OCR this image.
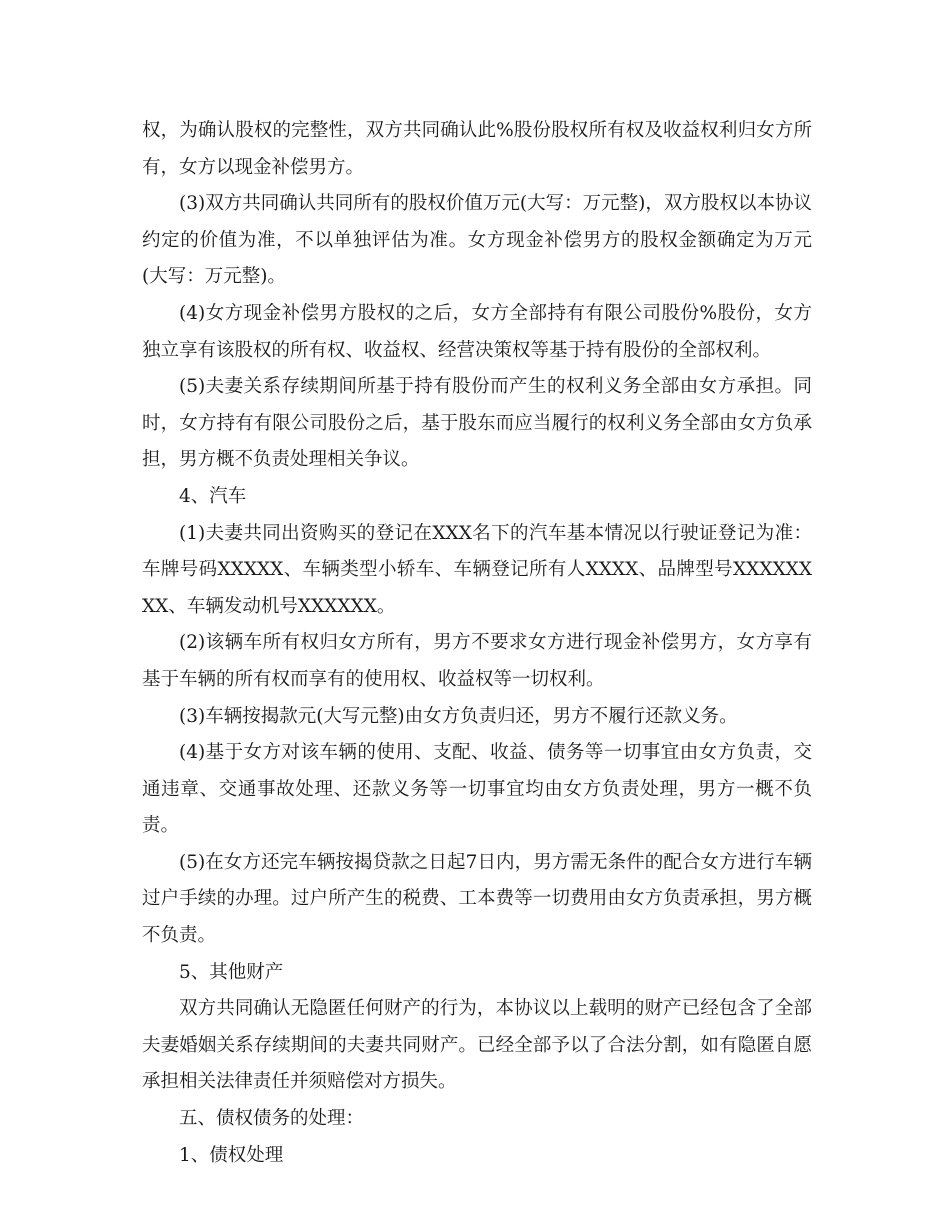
权，为确认股权的完整性，双方共同确认此%股份股权所有权及收益权利归女方所有，女方以现金补偿男方。

(3)双方共同确认共同所有的股权价值万元(大写：万元整)，双方股权以本协议约定的价值为准，不以单独评估为准。女方现金补偿男方的股权金额确定为万元(大写：万元整)。

(4)女方现金补偿男方股权的之后，女方全部持有有限公司股份%股份，女方独立享有该股权的所有权、收益权、经营决策权等基于持有股份的全部权利。

(5)夫妻关系存续期间所基于持有股份而产生的权利义务全部由女方承担。同时，女方持有有限公司股份之后，基于股东而应当履行的权利义务全部由女方负承担，男方概不负责处理相关争议。

4、汽车

(1)夫妻共同出资购买的登记在XXX名下的汽车基本情况以行驶证登记为准：车牌号码XXXXX、车辆类型小轿车、车辆登记所有人XXXX、品牌型号XXXXXXXX、车辆发动机号XXXXXX。

(2)该辆车所有权归女方所有，男方不要求女方进行现金补偿男方，女方享有基于车辆的所有权而享有的使用权、收益权等一切权利。

(3)车辆按揭款元(大写元整)由女方负责归还，男方不履行还款义务。

(4)基于女方对该车辆的使用、支配、收益、债务等一切事宜由女方负责，交通违章、交通事故处理、还款义务等一切事宜均由女方负责处理，男方一概不负责。

(5)在女方还完车辆按揭贷款之日起7日内，男方需无条件的配合女方进行车辆过户手续的办理。过户所产生的税费、工本费等一切费用由女方负责承担，男方概不负责。

5、其他财产

双方共同确认无隐匿任何财产的行为，本协议以上载明的财产已经包含了全部夫妻婚姻关系存续期间的夫妻共同财产。已经全部予以了合法分割，如有隐匿自愿承担相关法律责任并须赔偿对方损失。

五、债权债务的处理：

1、债权处理
